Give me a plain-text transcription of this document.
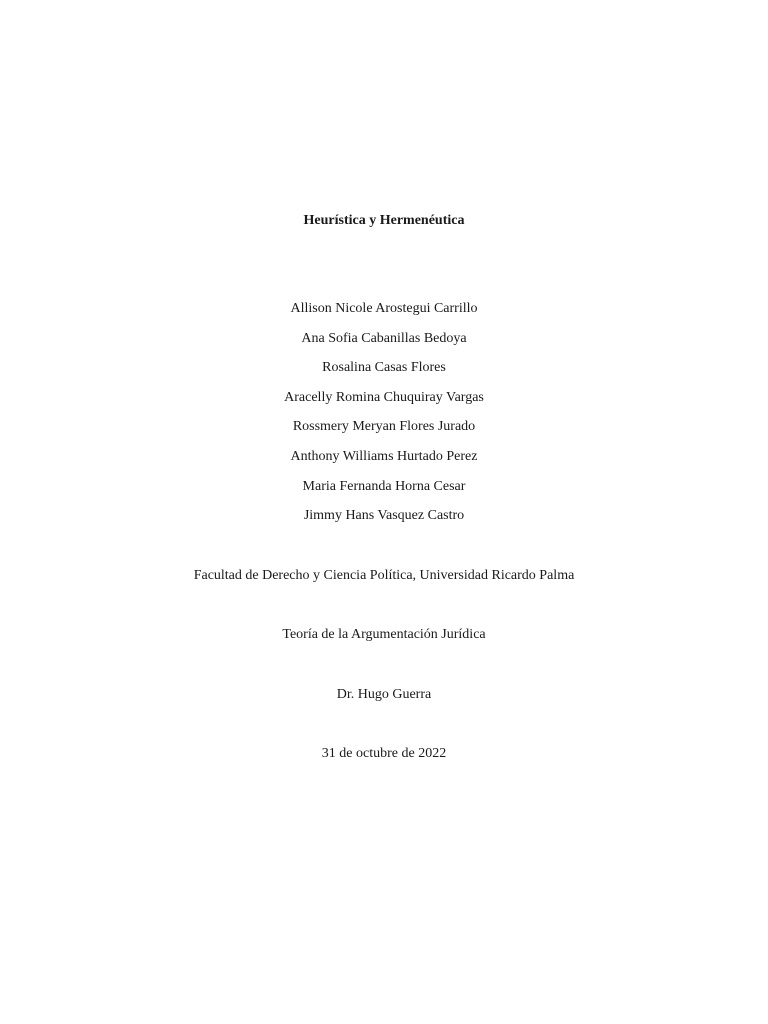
Heurística y Hermenéutica
Allison Nicole Arostegui Carrillo
Ana Sofia Cabanillas Bedoya
Rosalina Casas Flores
Aracelly Romina Chuquiray Vargas
Rossmery Meryan Flores Jurado
Anthony Williams Hurtado Perez
Maria Fernanda Horna Cesar
Jimmy Hans Vasquez Castro
Facultad de Derecho y Ciencia Política, Universidad Ricardo Palma
Teoría de la Argumentación Jurídica
Dr. Hugo Guerra
31 de octubre de 2022
